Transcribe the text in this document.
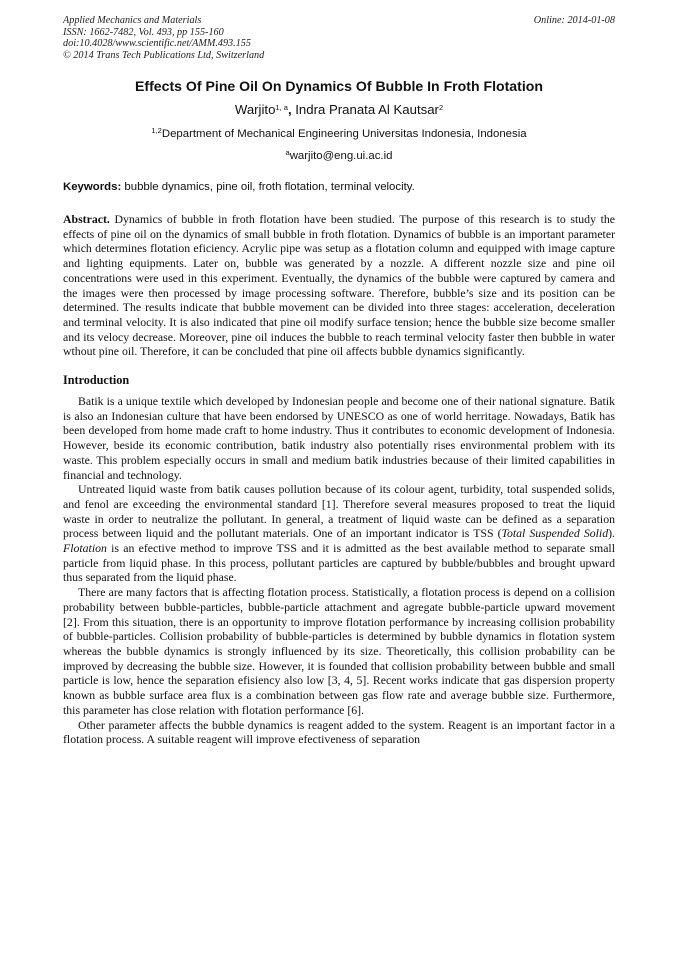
Applied Mechanics and Materials
ISSN: 1662-7482, Vol. 493, pp 155-160
doi:10.4028/www.scientific.net/AMM.493.155
© 2014 Trans Tech Publications Ltd, Switzerland
Online: 2014-01-08
Effects Of Pine Oil On Dynamics Of Bubble In Froth Flotation
Warjito$^{1, a}$, Indra Pranata Al Kautsar$^2$
$^{1,2}$Department of Mechanical Engineering Universitas Indonesia, Indonesia
$^a$warjito@eng.ui.ac.id
Keywords: bubble dynamics, pine oil, froth flotation, terminal velocity.
Abstract. Dynamics of bubble in froth flotation have been studied. The purpose of this research is to study the effects of pine oil on the dynamics of small bubble in froth flotation. Dynamics of bubble is an important parameter which determines flotation eficiency. Acrylic pipe was setup as a flotation column and equipped with image capture and lighting equipments. Later on, bubble was generated by a nozzle. A different nozzle size and pine oil concentrations were used in this experiment. Eventually, the dynamics of the bubble were captured by camera and the images were then processed by image processing software. Therefore, bubble’s size and its position can be determined. The results indicate that bubble movement can be divided into three stages: acceleration, deceleration and terminal velocity. It is also indicated that pine oil modify surface tension; hence the bubble size become smaller and its velocy decrease. Moreover, pine oil induces the bubble to reach terminal velocity faster then bubble in water wthout pine oil. Therefore, it can be concluded that pine oil affects bubble dynamics significantly.
Introduction

Batik is a unique textile which developed by Indonesian people and become one of their national signature. Batik is also an Indonesian culture that have been endorsed by UNESCO as one of world herritage. Nowadays, Batik has been developed from home made craft to home industry. Thus it contributes to economic development of Indonesia. However, beside its economic contribution, batik industry also potentially rises environmental problem with its waste. This problem especially occurs in small and medium batik industries because of their limited capabilities in financial and technology.

Untreated liquid waste from batik causes pollution because of its colour agent, turbidity, total suspended solids, and fenol are exceeding the environmental standard [1]. Therefore several measures proposed to treat the liquid waste in order to neutralize the pollutant. In general, a treatment of liquid waste can be defined as a separation process between liquid and the pollutant materials. One of an important indicator is TSS (Total Suspended Solid). Flotation is an efective method to improve TSS and it is admitted as the best available method to separate small particle from liquid phase. In this process, pollutant particles are captured by bubble/bubbles and brought upward thus separated from the liquid phase.

There are many factors that is affecting flotation process. Statistically, a flotation process is depend on a collision probability between bubble-particles, bubble-particle attachment and agregate bubble-particle upward movement [2]. From this situation, there is an opportunity to improve flotation performance by increasing collision probability of bubble-particles. Collision probability of bubble-particles is determined by bubble dynamics in flotation system whereas the bubble dynamics is strongly influenced by its size. Theoretically, this collision probability can be improved by decreasing the bubble size. However, it is founded that collision probability between bubble and small particle is low, hence the separation efisiency also low [3, 4, 5]. Recent works indicate that gas dispersion property known as bubble surface area flux is a combination between gas flow rate and average bubble size. Furthermore, this parameter has close relation with flotation performance [6].

Other parameter affects the bubble dynamics is reagent added to the system. Reagent is an important factor in a flotation process. A suitable reagent will improve efectiveness of separation
